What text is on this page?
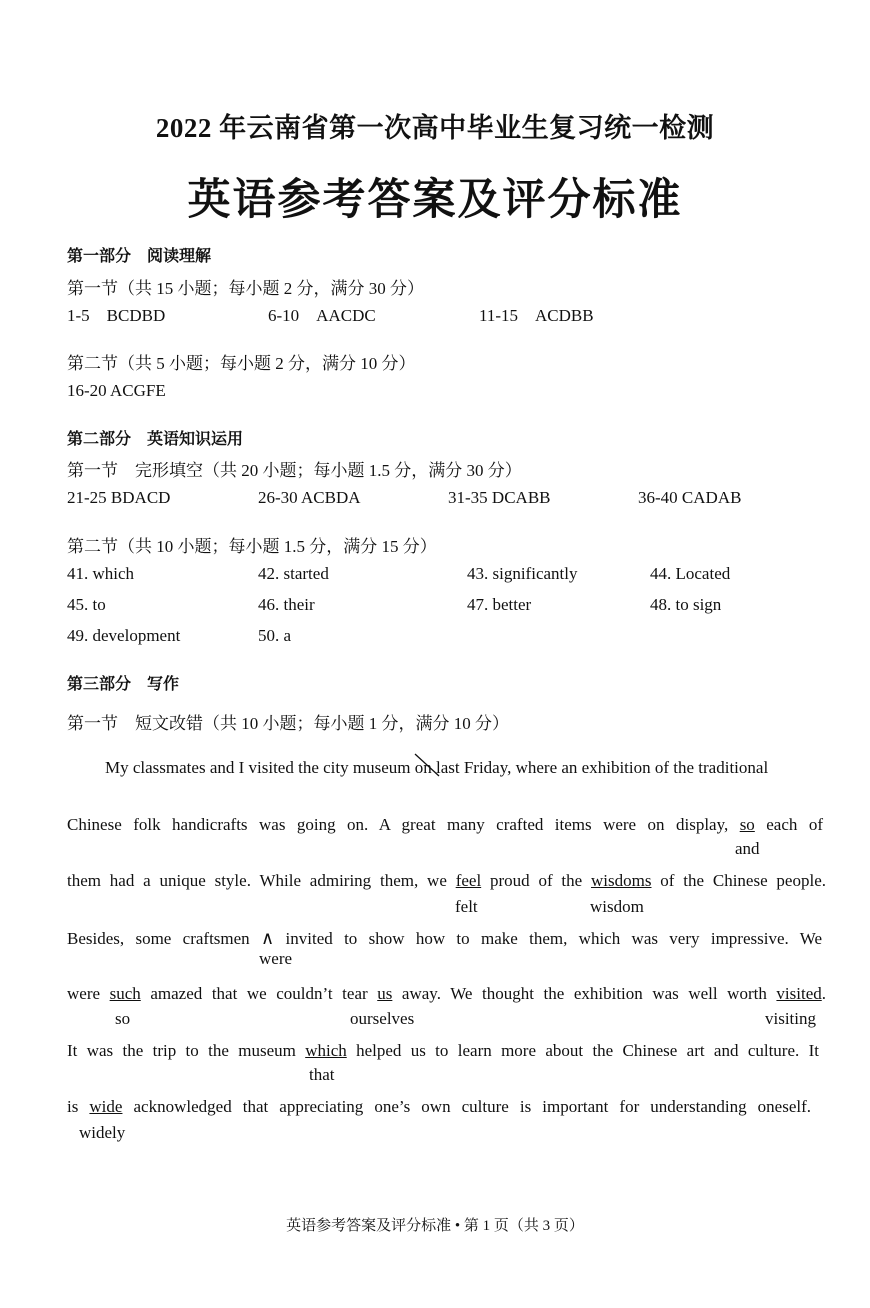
2022 年云南省第一次高中毕业生复习统一检测
英语参考答案及评分标准
第一部分　阅读理解
第一节（共 15 小题；每小题 2 分，满分 30 分）
1-5 BCDBD	6-10 AACDC	11-15 ACDBB
第二节（共 5 小题；每小题 2 分，满分 10 分）
16-20 ACGFE
第二部分　英语知识运用
第一节　完形填空（共 20 小题；每小题 1.5 分，满分 30 分）
21-25 BDACD	26-30 ACBDA	31-35 DCABB	36-40 CADAB
第二节（共 10 小题；每小题 1.5 分，满分 15 分）
41. which	42. started	43. significantly	44. Located
45. to	46. their	47. better	48. to sign
49. development	50. a
第三部分　写作
第一节　短文改错（共 10 小题；每小题 1 分，满分 10 分）
My classmates and I visited the city museum on
last Friday, where an exhibition of the traditional
Chinese folk handicrafts was going on. A great many crafted items were on display, so each of
and
them had a unique style. While admiring them, we feel proud of the wisdoms of the Chinese people.
felt	wisdom
Besides, some craftsmen ∧ invited to show how to make them, which was very impressive. We
were
were such amazed that we couldn’t tear us away. We thought the exhibition was well worth visited.
so	ourselves	visiting
It was the trip to the museum which helped us to learn more about the Chinese art and culture. It
that
is wide acknowledged that appreciating one’s own culture is important for understanding oneself.
widely
英语参考答案及评分标准 • 第 1 页（共 3 页）
